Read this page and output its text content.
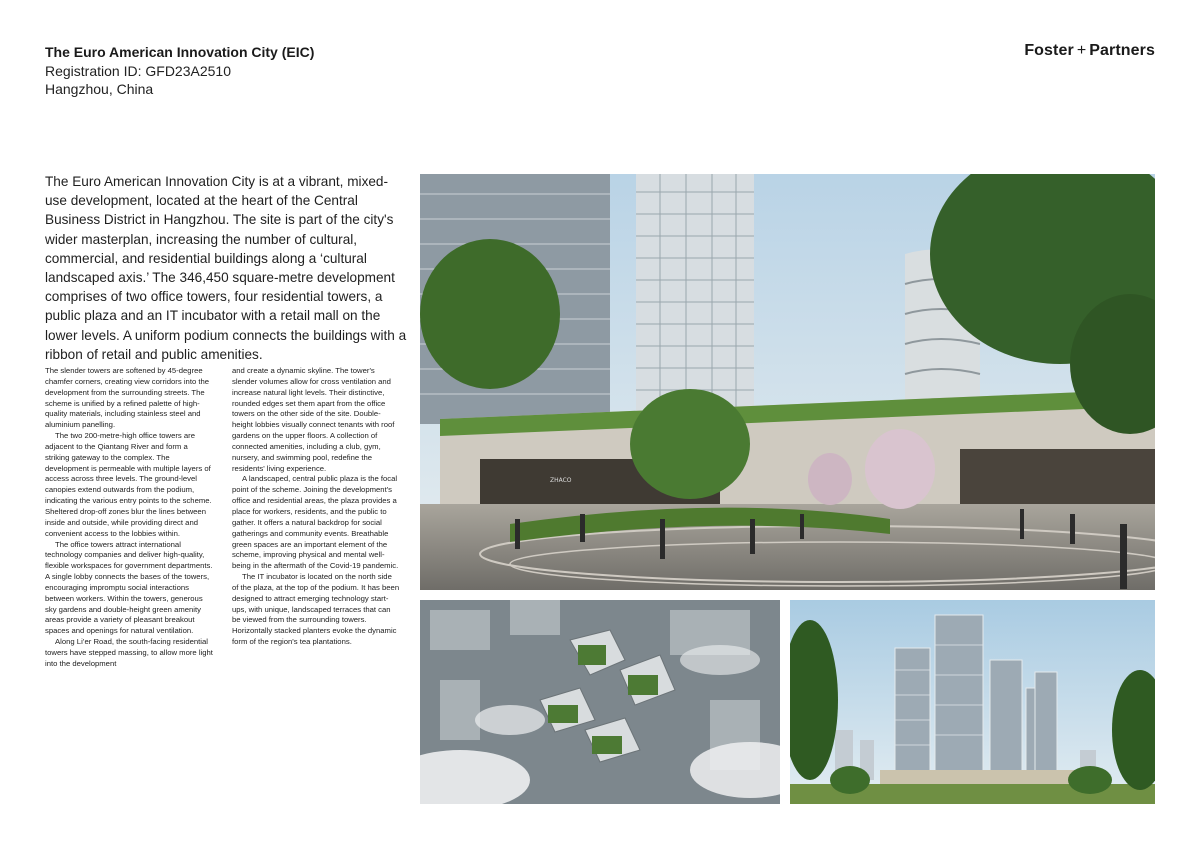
The Euro American Innovation City (EIC)
Registration ID: GFD23A2510
Hangzhou, China
Foster + Partners

The Euro American Innovation City is at a vibrant, mixed-use development, located at the heart of the Central Business District in Hangzhou. The site is part of the city's wider masterplan, increasing the number of cultural, commercial, and residential buildings along a ‘cultural landscaped axis.’ The 346,450 square-metre development comprises of two office towers, four residential towers, a public plaza and an IT incubator with a retail mall on the lower levels. A uniform podium connects the buildings with a ribbon of retail and public amenities.

The slender towers are softened by 45-degree chamfer corners, creating view corridors into the development from the surrounding streets. The scheme is unified by a refined palette of high-quality materials, including stainless steel and aluminium panelling.

The two 200-metre-high office towers are adjacent to the Qiantang River and form a striking gateway to the complex. The development is permeable with multiple layers of access across three levels. The ground-level canopies extend outwards from the podium, indicating the various entry points to the scheme. Sheltered drop-off zones blur the lines between inside and outside, while providing direct and convenient access to the lobbies within.

The office towers attract international technology companies and deliver high-quality, flexible workspaces for government departments. A single lobby connects the bases of the towers, encouraging impromptu social interactions between workers. Within the towers, generous sky gardens and double-height green amenity areas provide a variety of pleasant breakout spaces and openings for natural ventilation.

Along Li’er Road, the south-facing residential towers have stepped massing, to allow more light into the development

and create a dynamic skyline. The tower's slender volumes allow for cross ventilation and increase natural light levels. Their distinctive, rounded edges set them apart from the office towers on the other side of the site. Double-height lobbies visually connect tenants with roof gardens on the upper floors. A collection of connected amenities, including a club, gym, nursery, and swimming pool, redefine the residents' living experience.

A landscaped, central public plaza is the focal point of the scheme. Joining the development's office and residential areas, the plaza provides a place for workers, residents, and the public to gather. It offers a natural backdrop for social gatherings and community events. Breathable green spaces are an important element of the scheme, improving physical and mental well-being in the aftermath of the Covid-19 pandemic.

The IT incubator is located on the north side of the plaza, at the top of the podium. It has been designed to attract emerging technology start-ups, with unique, landscaped terraces that can be viewed from the surrounding towers. Horizontally stacked planters evoke the dynamic form of the region's tea plantations.

ZHACO
